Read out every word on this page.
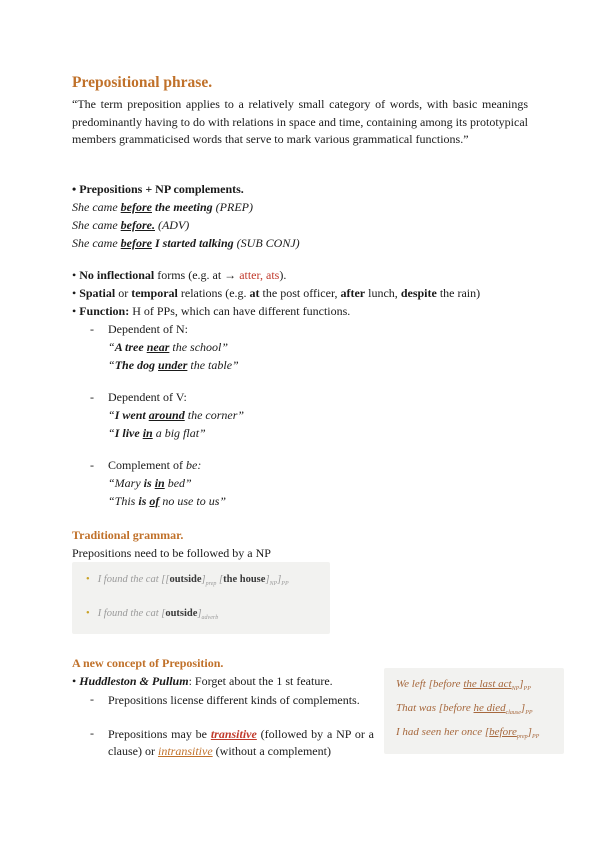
Prepositional phrase.
“The term preposition applies to a relatively small category of words, with basic meanings predominantly having to do with relations in space and time, containing among its prototypical members grammaticised words that serve to mark various grammatical functions.”
• Prepositions + NP complements.
She came before the meeting (PREP)
She came before. (ADV)
She came before I started talking (SUB CONJ)
• No inflectional forms (e.g. at → atter, ats).
• Spatial or temporal relations (e.g. at the post officer, after lunch, despite the rain)
• Function: H of PPs, which can have different functions.
- Dependent of N:
“A tree near the school”
“The dog under the table”
- Dependent of V:
“I went around the corner”
“I live in a big flat”
- Complement of be:
“Mary is in bed”
“This is of no use to us”
Traditional grammar.
Prepositions need to be followed by a NP
• I found the cat [$[outside]_{prep}$ [the $house]_{NP}]_{PP}$
• I found the cat $[outside]_{adverb}$
A new concept of Preposition.
• Huddleston & Pullum: Forget about the 1 st feature.
- Prepositions license different kinds of complements.
- Prepositions may be transitive (followed by a NP or a clause) or intransitive (without a complement)
We left [before the last $act_{NP}]_{PP}$
That was [before he $died_{clause}]_{PP}$
I had seen her once $[before_{prep}]_{PP}$
